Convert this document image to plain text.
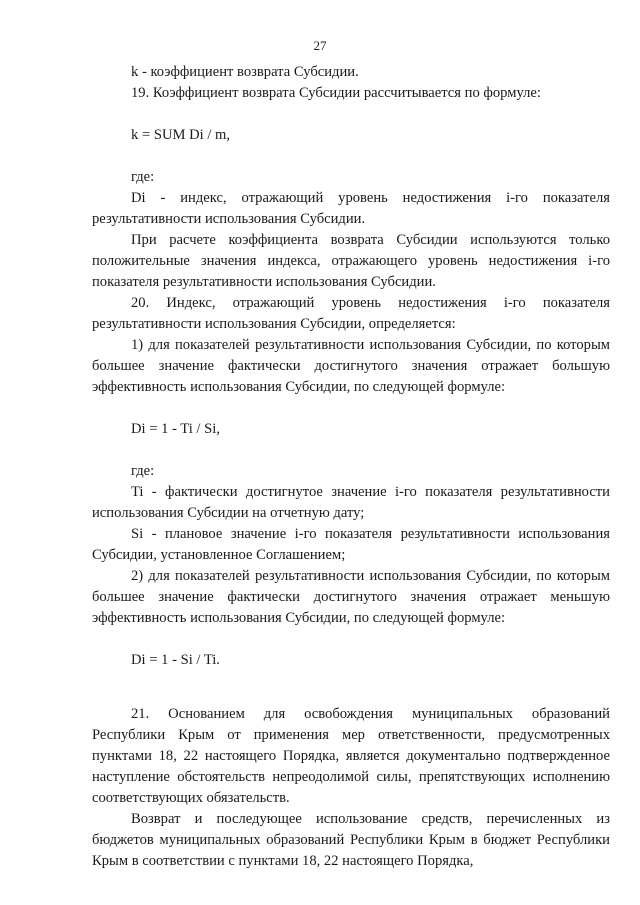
27

k - коэффициент возврата Субсидии.

19. Коэффициент возврата Субсидии рассчитывается по формуле:

k = SUM Di / m,

где:

Di - индекс, отражающий уровень недостижения i-го показателя результативности использования Субсидии.

При расчете коэффициента возврата Субсидии используются только положительные значения индекса, отражающего уровень недостижения i-го показателя результативности использования Субсидии.

20. Индекс, отражающий уровень недостижения i-го показателя результативности использования Субсидии, определяется:

1) для показателей результативности использования Субсидии, по которым большее значение фактически достигнутого значения отражает большую эффективность использования Субсидии, по следующей формуле:

Di = 1 - Ti / Si,

где:

Ti - фактически достигнутое значение i-го показателя результативности использования Субсидии на отчетную дату;

Si - плановое значение i-го показателя результативности использования Субсидии, установленное Соглашением;

2) для показателей результативности использования Субсидии, по которым большее значение фактически достигнутого значения отражает меньшую эффективность использования Субсидии, по следующей формуле:

Di = 1 - Si / Ti.

21. Основанием для освобождения муниципальных образований Республики Крым от применения мер ответственности, предусмотренных пунктами 18, 22 настоящего Порядка, является документально подтвержденное наступление обстоятельств непреодолимой силы, препятствующих исполнению соответствующих обязательств.

Возврат и последующее использование средств, перечисленных из бюджетов муниципальных образований Республики Крым в бюджет Республики Крым в соответствии с пунктами 18, 22 настоящего Порядка,
